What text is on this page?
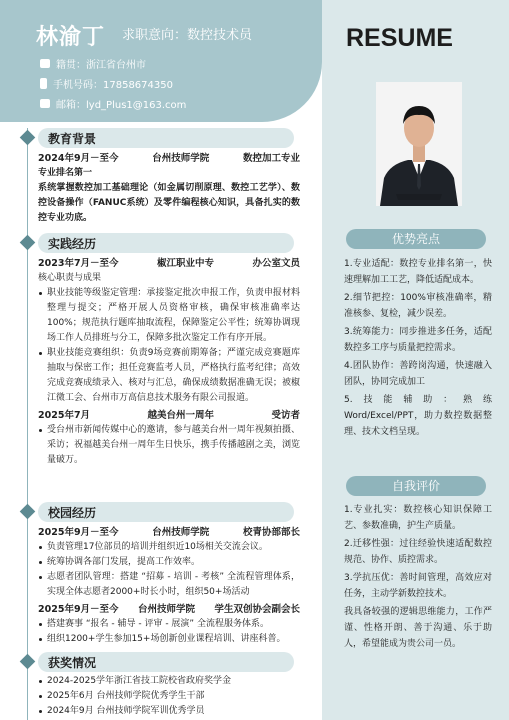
林渝丁 求职意向：数控技术员
籍贯：浙江省台州市
手机号码：17858674350
邮箱：lyd_Plus1@163.com
RESUME
优势亮点

1.专业适配：数控专业排名第一，快速理解加工工艺，降低适配成本。

2.细节把控：100%审核准确率，精准核参、复检，减少误差。

3.统筹能力：同步推进多任务，适配数控多工序与质量把控需求。

4.团队协作：善跨岗沟通，快速融入团队，协同完成加工

5.技能辅助：熟练Word/Excel/PPT，助力数控数据整理、技术文档呈现。

自我评价

1.专业扎实：数控核心知识保障工艺、参数准确，护生产质量。

2.迁移性强：过往经验快速适配数控规范、协作、质控需求。

3.学抗压优：善时间管理，高效应对任务，主动学新数控技术。

我具备较强的逻辑思维能力，工作严谨、性格开朗、善于沟通、乐于助人，希望能成为贵公司一员。

教育背景
2024年9月－至今	台州技师学院	数控加工专业
专业排名第一
系统掌握数控加工基础理论（如金属切削原理、数控工艺学）、数控设备操作（FANUC系统）及零件编程核心知识，具备扎实的数控专业功底。
实践经历
2023年7月－至今	椒江职业中专	办公室文员
核心职责与成果
职业技能等级鉴定管理：承接鉴定批次申报工作，负责申报材料整理与提交；严格开展人员资格审核，确保审核准确率达 100%；规范执行题库抽取流程，保障鉴定公平性；统筹协调现场工作人员排班与分工，保障多批次鉴定工作有序开展。
职业技能竞赛组织：负责9场竞赛前期筹备；严谨完成竞赛题库抽取与保密工作；担任竞赛监考人员，严格执行监考纪律；高效完成竞赛成绩录入、核对与汇总，确保成绩数据准确无误；被椒江微工会、台州市万高信息技术服务有限公司报道。
2025年7月	越美台州一周年	受访者
受台州市新闻传媒中心的邀请，参与越美台州一周年视频拍摄、采访；祝福越美台州一周年生日快乐，携手传播越剧之美，浏览量破万。
校园经历
2025年9月－至今	台州技师学院	校青协部部长
负责管理17位部员的培训并组织近10场相关交流会议。
统筹协调各部门发展，提高工作效率。
志愿者团队管理：搭建 “招募 - 培训 - 考核” 全流程管理体系，实现全体志愿者2000+时长小时，组织50+场活动
2025年9月－至今 台州技师学院 学生双创协会副会长
搭建赛事 “报名 - 辅导 - 评审 - 展演” 全流程服务体系。
组织1200+学生参加15+场创新创业课程培训、讲座科普。
获奖情况
2024-2025学年浙江省技工院校省政府奖学金
2025年6月 台州技师学院优秀学生干部
2024年9月 台州技师学院军训优秀学员
